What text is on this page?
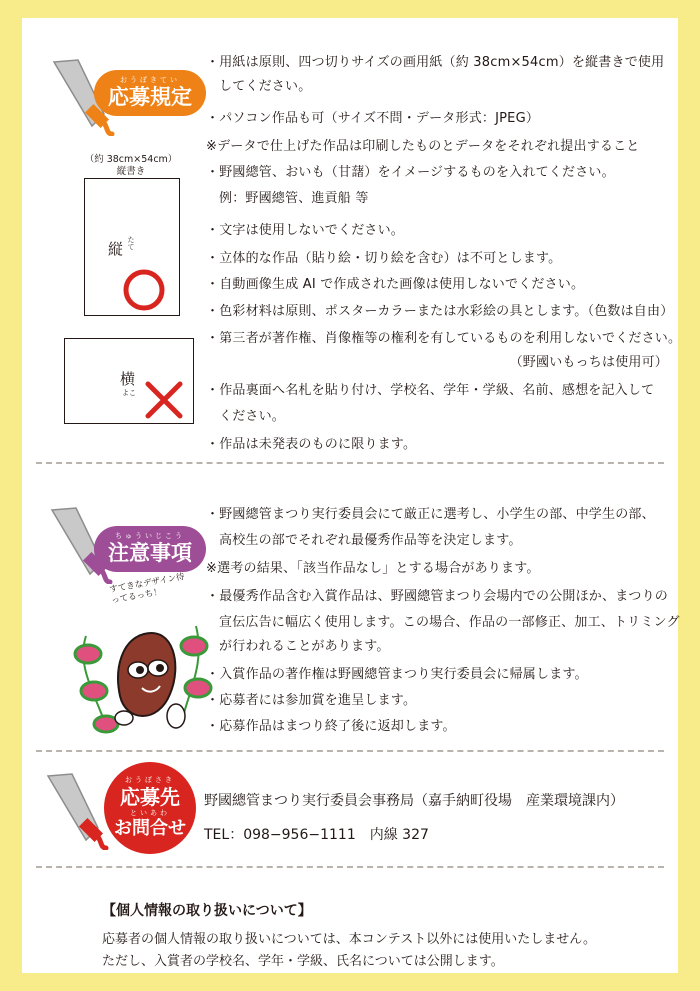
おうぼきてい
応募規定
（約 38cm×54cm）
縦書き
縦 たて
横
よこ
・用紙は原則、四つ切りサイズの画用紙（約 38cm×54cm）を縦書きで使用
してください。
・パソコン作品も可（サイズ不問・データ形式：JPEG）
※データで仕上げた作品は印刷したものとデータをそれぞれ提出すること
・野國總管、おいも（甘藷）をイメージするものを入れてください。
例：野國總管、進貢船 等
・文字は使用しないでください。
・立体的な作品（貼り絵・切り絵を含む）は不可とします。
・自動画像生成 AI で作成された画像は使用しないでください。
・色彩材料は原則、ポスターカラーまたは水彩絵の具とします。（色数は自由）
・第三者が著作権、肖像権等の権利を有しているものを利用しないでください。
（野國いもっちは使用可）
・作品裏面へ名札を貼り付け、学校名、学年・学級、名前、感想を記入して
ください。
・作品は未発表のものに限ります。
ちゅういじこう
注意事項
すてきなデザイン待ってるっち！
・野國總管まつり実行委員会にて厳正に選考し、小学生の部、中学生の部、
高校生の部でそれぞれ最優秀作品等を決定します。
※選考の結果、「該当作品なし」とする場合があります。
・最優秀作品含む入賞作品は、野國總管まつり会場内での公開ほか、まつりの
宣伝広告に幅広く使用します。この場合、作品の一部修正、加工、トリミング
が行われることがあります。
・入賞作品の著作権は野國總管まつり実行委員会に帰属します。
・応募者には参加賞を進呈します。
・応募作品はまつり終了後に返却します。
おうぼさき
応募先
といあわ
お問合せ
野國總管まつり実行委員会事務局（嘉手納町役場　産業環境課内）
TEL：098−956−1111　内線 327
【個人情報の取り扱いについて】
応募者の個人情報の取り扱いについては、本コンテスト以外には使用いたしません。
ただし、入賞者の学校名、学年・学級、氏名については公開します。
